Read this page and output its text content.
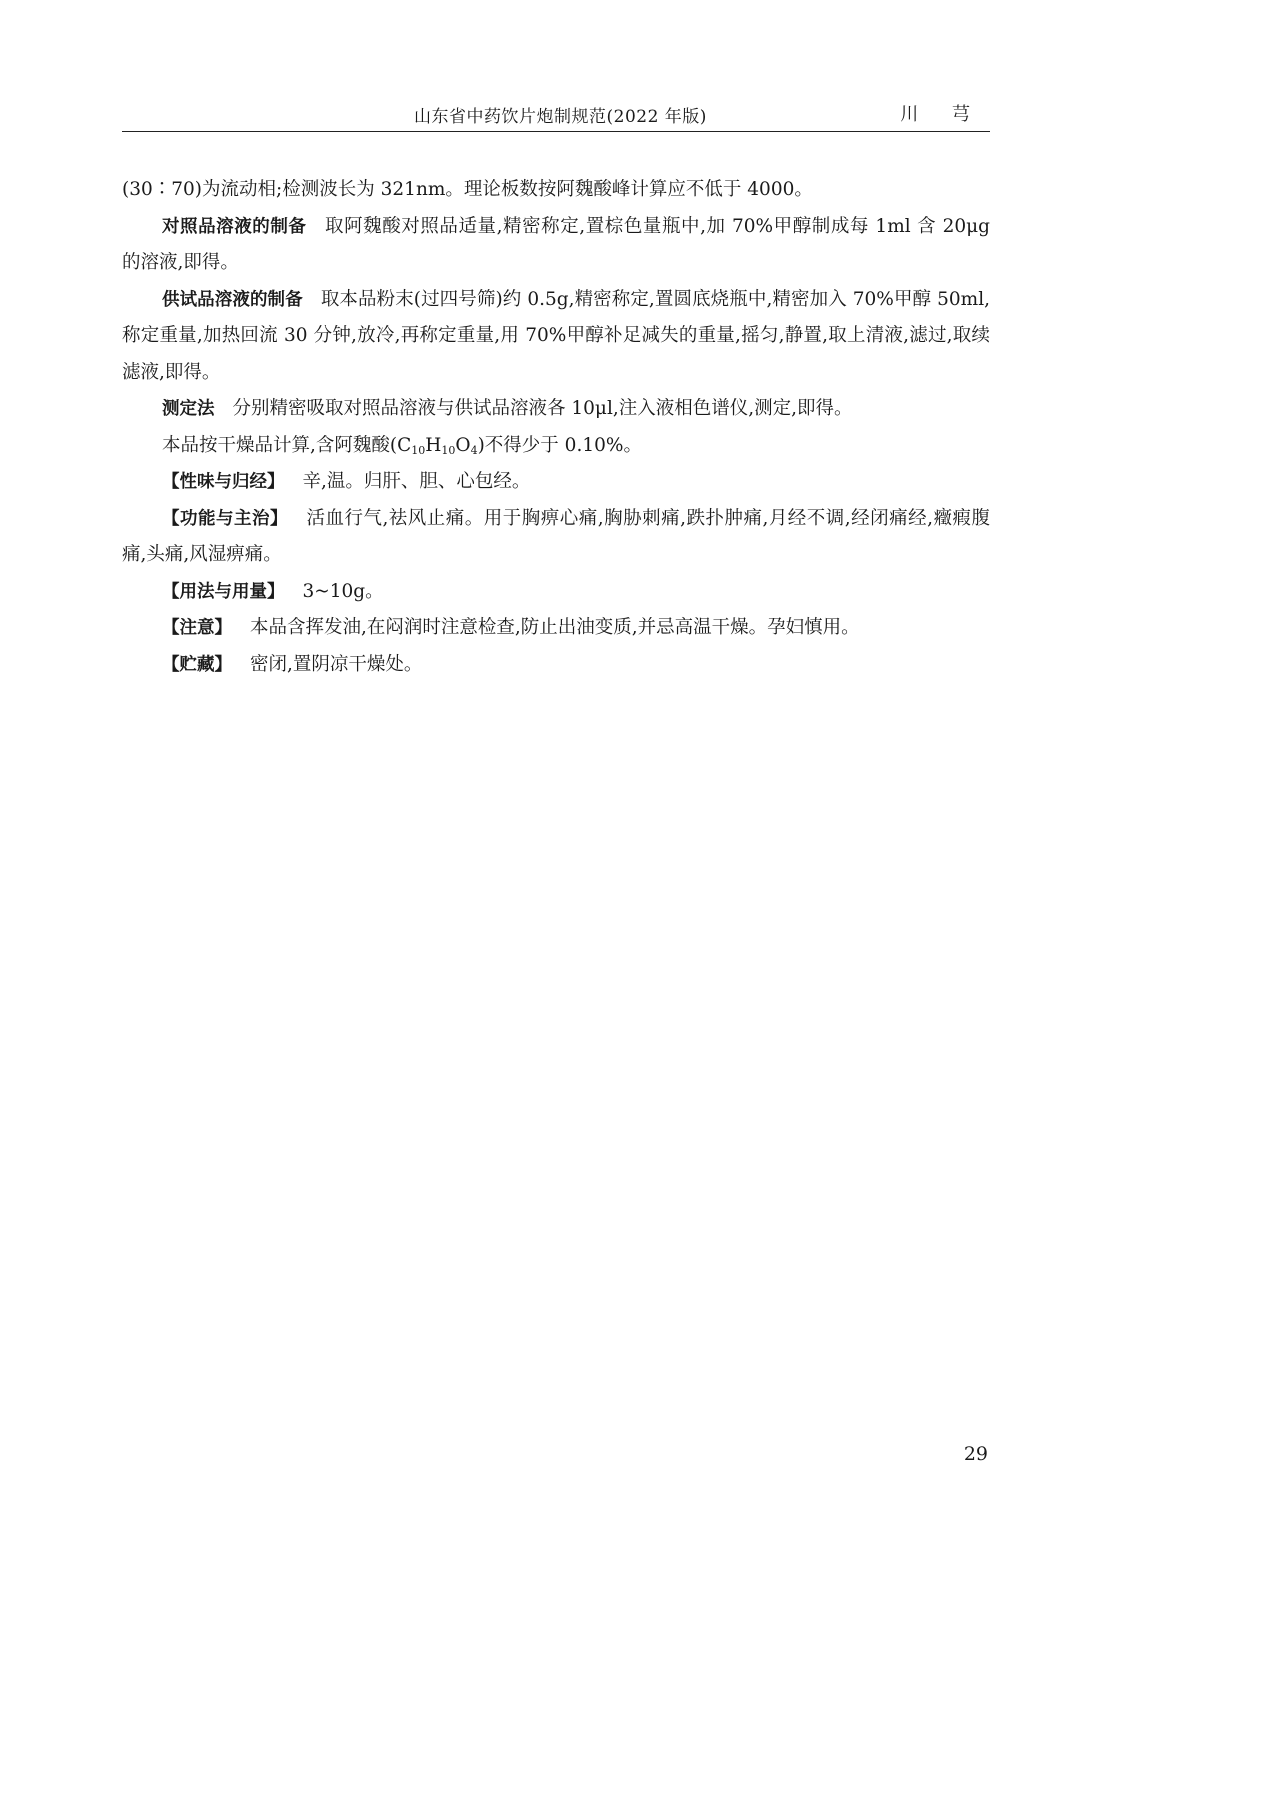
山东省中药饮片炮制规范(2022 年版)	川 芎

(30∶70)为流动相;检测波长为 321nm。理论板数按阿魏酸峰计算应不低于 4000。

对照品溶液的制备 取阿魏酸对照品适量,精密称定,置棕色量瓶中,加 70%甲醇制成每 1ml 含 20μg 的溶液,即得。

供试品溶液的制备 取本品粉末(过四号筛)约 0.5g,精密称定,置圆底烧瓶中,精密加入 70%甲醇 50ml,称定重量,加热回流 30 分钟,放冷,再称定重量,用 70%甲醇补足减失的重量,摇匀,静置,取上清液,滤过,取续滤液,即得。

测定法 分别精密吸取对照品溶液与供试品溶液各 10μl,注入液相色谱仪,测定,即得。

本品按干燥品计算,含阿魏酸$(C_{10}H_{10}O_4)$不得少于 0.10%。

【性味与归经】 辛,温。归肝、胆、心包经。

【功能与主治】 活血行气,祛风止痛。用于胸痹心痛,胸胁刺痛,跌扑肿痛,月经不调,经闭痛经,癥瘕腹痛,头痛,风湿痹痛。

【用法与用量】 3~10g。

【注意】 本品含挥发油,在闷润时注意检查,防止出油变质,并忌高温干燥。孕妇慎用。

【贮藏】 密闭,置阴凉干燥处。

29
